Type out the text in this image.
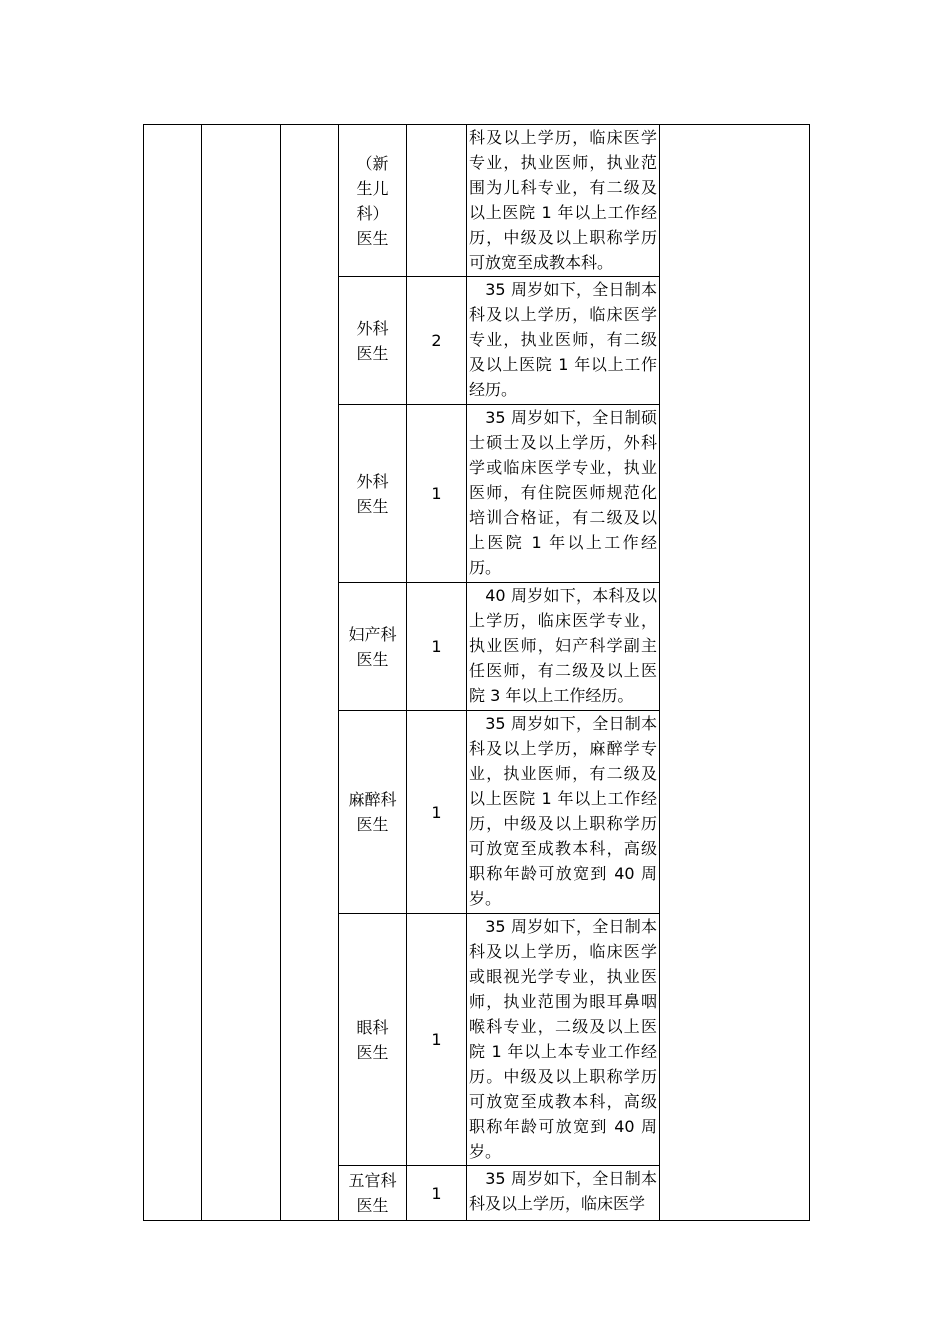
			（新生儿科）医生		科及以上学历，临床医学专业，执业医师，执业范围为儿科专业，有二级及以上医院 1 年以上工作经历，中级及以上职称学历可放宽至成教本科。	

			外科医生	2	　35 周岁如下，全日制本科及以上学历，临床医学专业，执业医师，有二级及以上医院 1 年以上工作经历。	

			外科医生	1	　35 周岁如下，全日制硕士硕士及以上学历，外科学或临床医学专业，执业医师，有住院医师规范化培训合格证，有二级及以上医院 1 年以上工作经历。	

			妇产科医生	1	　40 周岁如下，本科及以上学历，临床医学专业，执业医师，妇产科学副主任医师，有二级及以上医院 3 年以上工作经历。	

			麻醉科医生	1	　35 周岁如下，全日制本科及以上学历，麻醉学专业，执业医师，有二级及以上医院 1 年以上工作经历，中级及以上职称学历可放宽至成教本科，高级职称年龄可放宽到 40 周岁。	

			眼科医生	1	　35 周岁如下，全日制本科及以上学历，临床医学或眼视光学专业，执业医师，执业范围为眼耳鼻咽喉科专业，二级及以上医院 1 年以上本专业工作经历。中级及以上职称学历可放宽至成教本科，高级职称年龄可放宽到 40 周岁。	

			五官科医生	1	　35 周岁如下，全日制本科及以上学历，临床医学	
